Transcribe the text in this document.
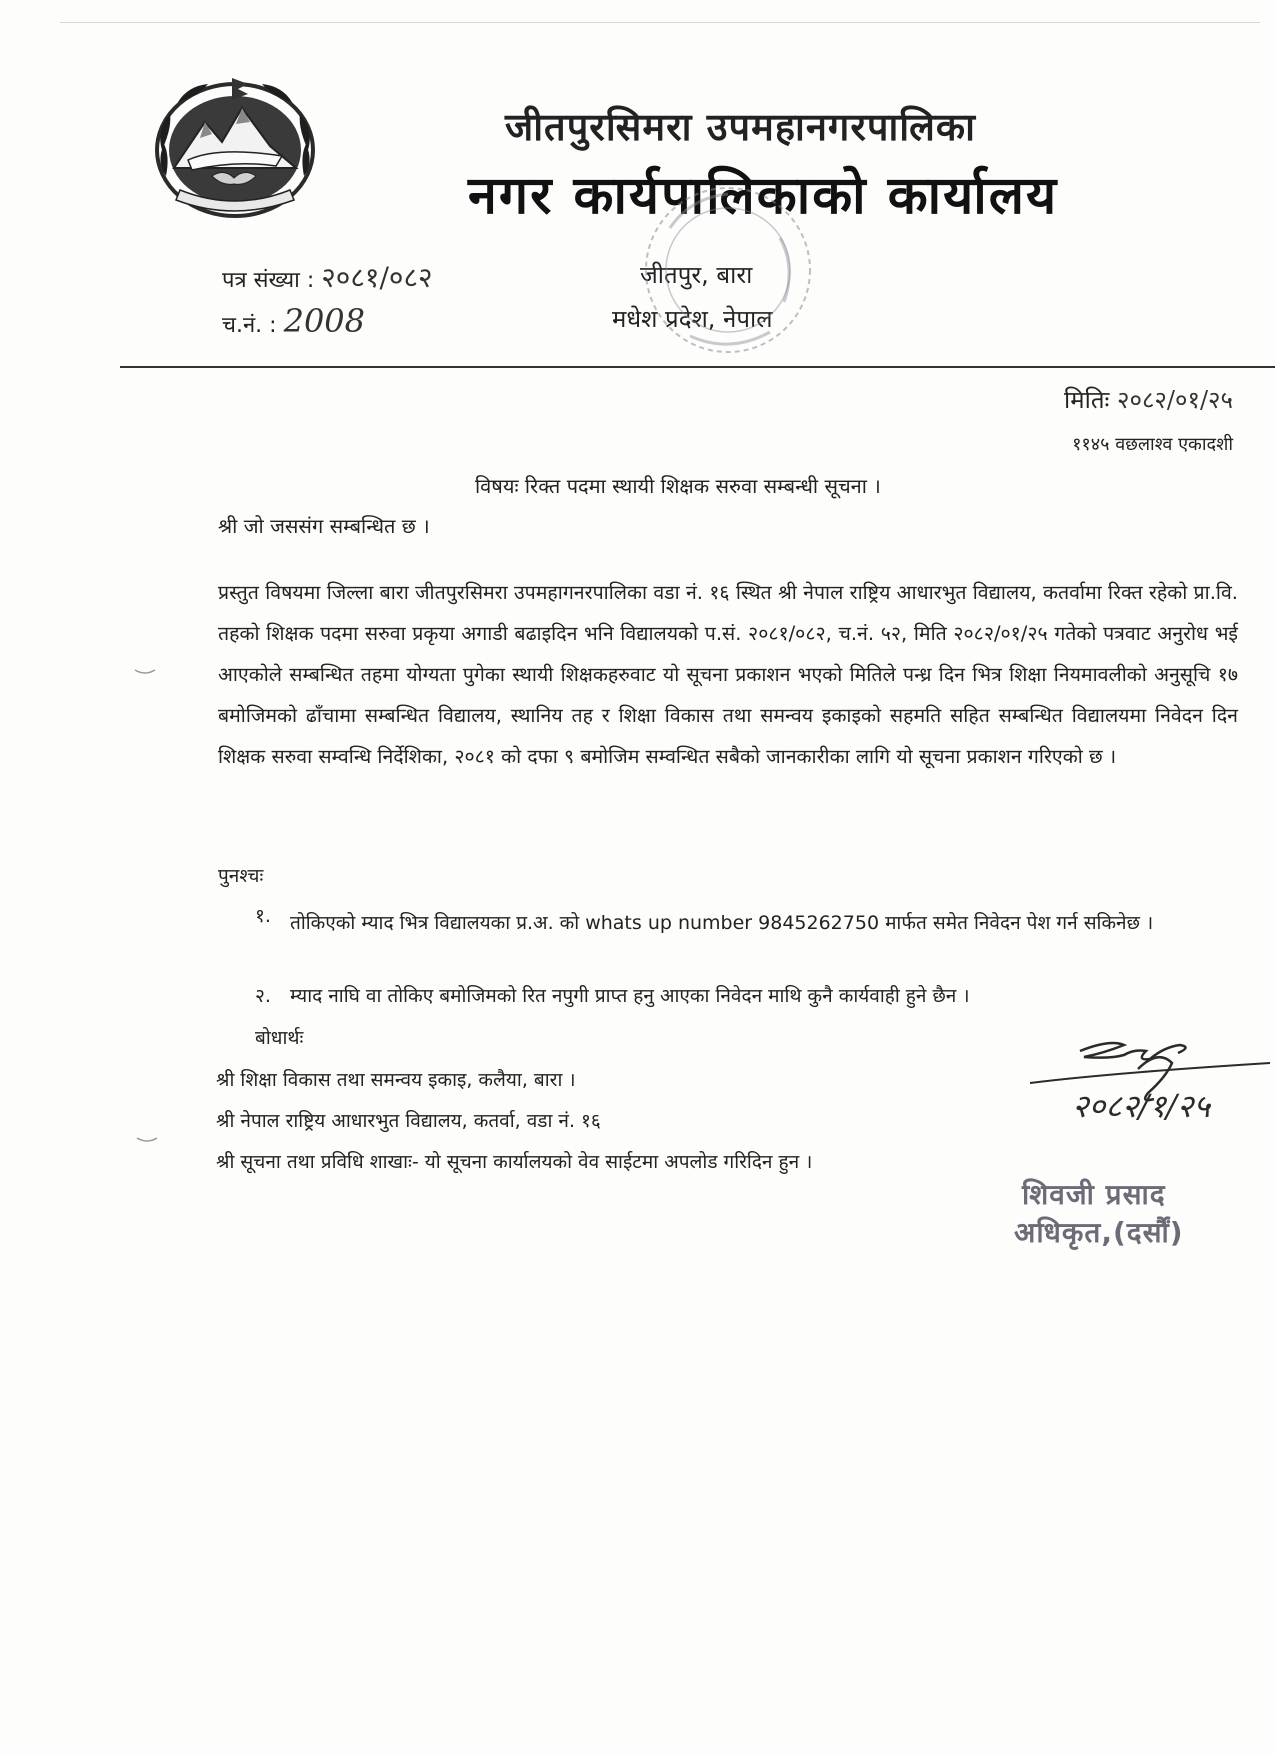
जीतपुरसिमरा उपमहानगरपालिका
नगर कार्यपालिकाको कार्यालय
पत्र संख्या : २०८१/०८२
च.नं. : 2008
जीतपुर, बारा
मधेश प्रदेश, नेपाल
मितिः २०८२/०१/२५
११४५ वछलाश्व एकादशी
विषयः रिक्त पदमा स्थायी शिक्षक सरुवा सम्बन्धी सूचना ।
श्री जो जससंग सम्बन्धित छ ।
प्रस्तुत विषयमा जिल्ला बारा जीतपुरसिमरा उपमहागनरपालिका वडा नं. १६ स्थित श्री नेपाल राष्ट्रिय आधारभुत विद्यालय, कतर्वामा रिक्त रहेको प्रा.वि. तहको शिक्षक पदमा सरुवा प्रकृया अगाडी बढाइदिन भनि विद्यालयको प.सं. २०८१/०८२, च.नं. ५२, मिति २०८२/०१/२५ गतेको पत्रवाट अनुरोध भई आएकोले सम्बन्धित तहमा योग्यता पुगेका स्थायी शिक्षकहरुवाट यो सूचना प्रकाशन भएको मितिले पन्ध्र दिन भित्र शिक्षा नियमावलीको अनुसूचि १७ बमोजिमको ढाँचामा सम्बन्धित विद्यालय, स्थानिय तह र शिक्षा विकास तथा समन्वय इकाइको सहमति सहित सम्बन्धित विद्यालयमा निवेदन दिन शिक्षक सरुवा सम्वन्धि निर्देशिका, २०८१ को दफा ९ बमोजिम सम्वन्धित सबैको जानकारीका लागि यो सूचना प्रकाशन गरिएको छ ।
पुनश्चः
१. तोकिएको म्याद भित्र विद्यालयका प्र.अ. को whats up number 9845262750 मार्फत समेत निवेदन पेश गर्न सकिनेछ ।
२. म्याद नाघि वा तोकिए बमोजिमको रित नपुगी प्राप्त हनु आएका निवेदन माथि कुनै कार्यवाही हुने छैन ।
बोधार्थः
श्री शिक्षा विकास तथा समन्वय इकाइ, कलैया, बारा ।
श्री नेपाल राष्ट्रिय आधारभुत विद्यालय, कतर्वा, वडा नं. १६
श्री सूचना तथा प्रविधि शाखाः- यो सूचना कार्यालयको वेव साईटमा अपलोड गरिदिन हुन ।
२०८२/१/२५
शिवजी प्रसाद
अधिकृत,(दर्सौं)
